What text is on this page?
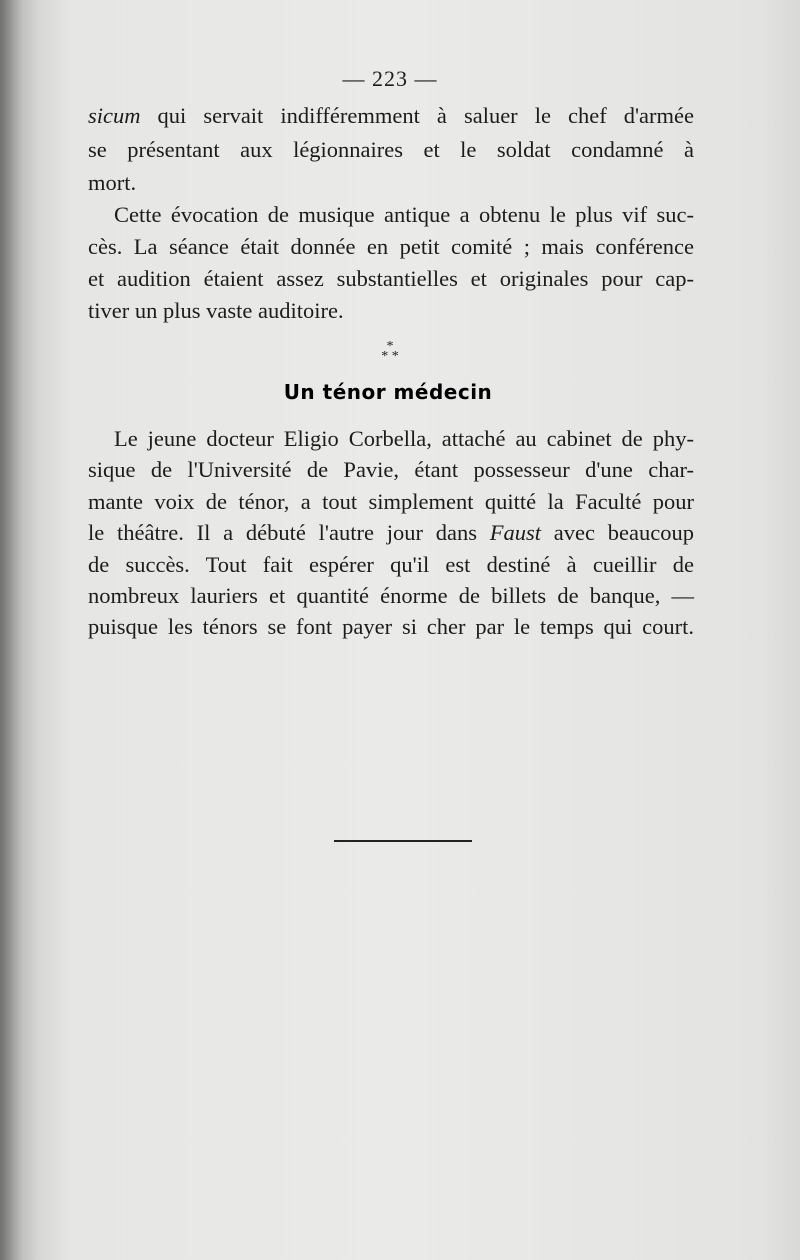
— 223 —
sicum qui servait indifféremment à saluer le chef d'armée
se présentant aux légionnaires et le soldat condamné à
mort.
Cette évocation de musique antique a obtenu le plus vif suc-
cès. La séance était donnée en petit comité ; mais conférence
et audition étaient assez substantielles et originales pour cap-
tiver un plus vaste auditoire.
*
* *
Un ténor médecin
Le jeune docteur Eligio Corbella, attaché au cabinet de phy-
sique de l'Université de Pavie, étant possesseur d'une char-
mante voix de ténor, a tout simplement quitté la Faculté pour
le théâtre. Il a débuté l'autre jour dans Faust avec beaucoup
de succès. Tout fait espérer qu'il est destiné à cueillir de
nombreux lauriers et quantité énorme de billets de banque, —
puisque les ténors se font payer si cher par le temps qui court.
